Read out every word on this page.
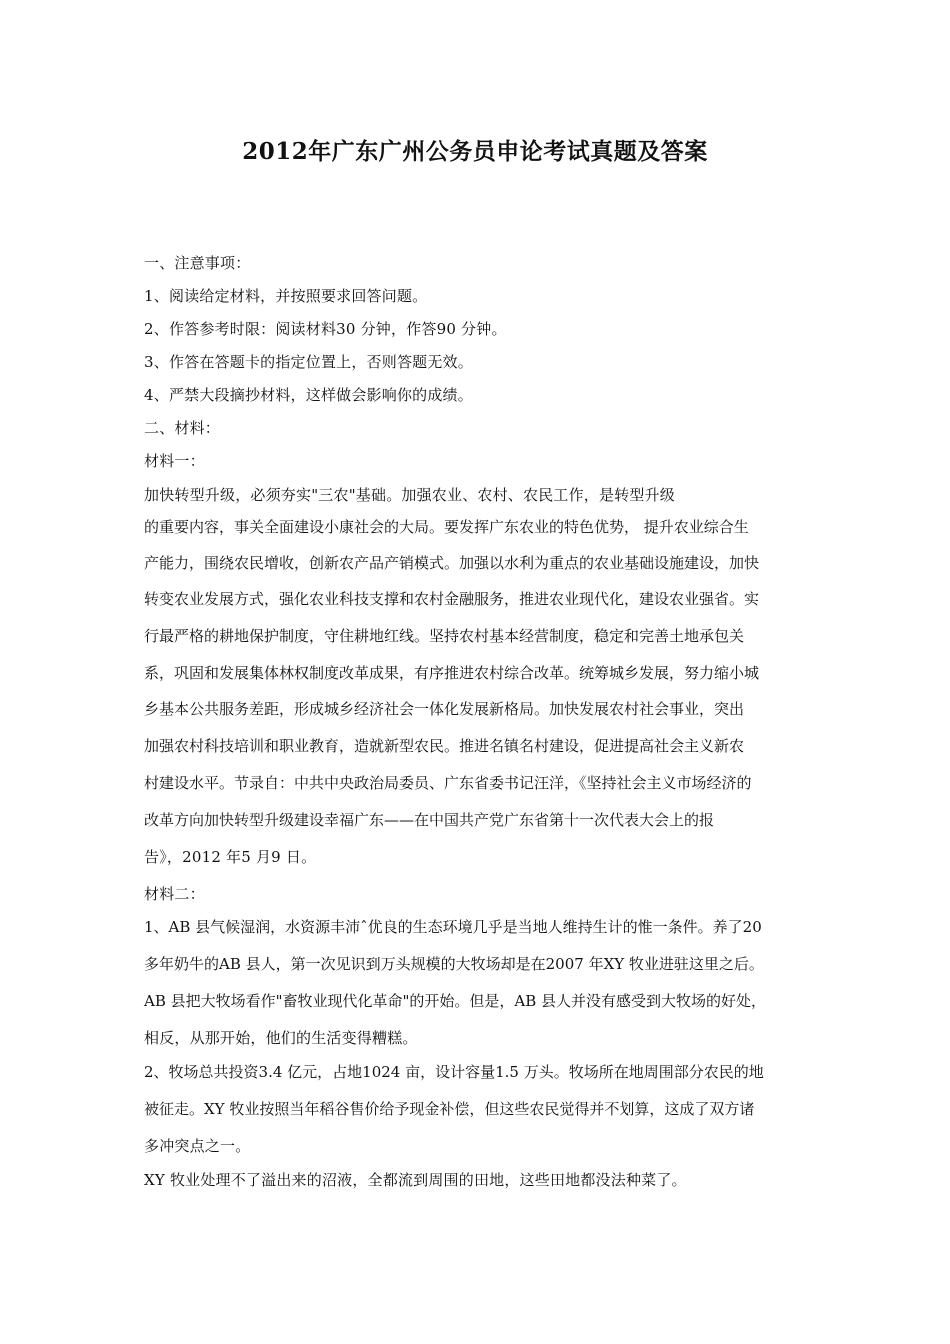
2012年广东广州公务员申论考试真题及答案
一、注意事项：
1、阅读给定材料，并按照要求回答问题。
2、作答参考时限：阅读材料30 分钟，作答90 分钟。
3、作答在答题卡的指定位置上，否则答题无效。
4、严禁大段摘抄材料，这样做会影响你的成绩。
二、材料：
材料一：
加快转型升级，必须夯实"三农"基础。加强农业、农村、农民工作，是转型升级
的重要内容，事关全面建设小康社会的大局。要发挥广东农业的特色优势， 提升农业综合生
产能力，围绕农民增收，创新农产品产销模式。加强以水利为重点的农业基础设施建设，加快
转变农业发展方式，强化农业科技支撑和农村金融服务，推进农业现代化，建设农业强省。实
行最严格的耕地保护制度，守住耕地红线。坚持农村基本经营制度，稳定和完善土地承包关
系，巩固和发展集体林权制度改革成果，有序推进农村综合改革。统筹城乡发展，努力缩小城
乡基本公共服务差距，形成城乡经济社会一体化发展新格局。加快发展农村社会事业，突出
加强农村科技培训和职业教育，造就新型农民。推进名镇名村建设，促进提高社会主义新农
村建设水平。节录自：中共中央政治局委员、广东省委书记汪洋，《坚持社会主义市场经济的
改革方向加快转型升级建设幸福广东——在中国共产党广东省第十一次代表大会上的报
告》，2012 年5 月9 日。
材料二：
1、AB 县气候湿润，水资源丰沛ˆ优良的生态环境几乎是当地人维持生计的惟一条件。养了20
多年奶牛的AB 县人，第一次见识到万头规模的大牧场却是在2007 年XY 牧业进驻这里之后。
AB 县把大牧场看作"畜牧业现代化革命"的开始。但是，AB 县人并没有感受到大牧场的好处，
相反，从那开始，他们的生活变得糟糕。
2、牧场总共投资3.4 亿元，占地1024 亩，设计容量1.5 万头。牧场所在地周围部分农民的地
被征走。XY 牧业按照当年稻谷售价给予现金补偿，但这些农民觉得并不划算，这成了双方诸
多冲突点之一。
XY 牧业处理不了溢出来的沼液，全都流到周围的田地，这些田地都没法种菜了。
